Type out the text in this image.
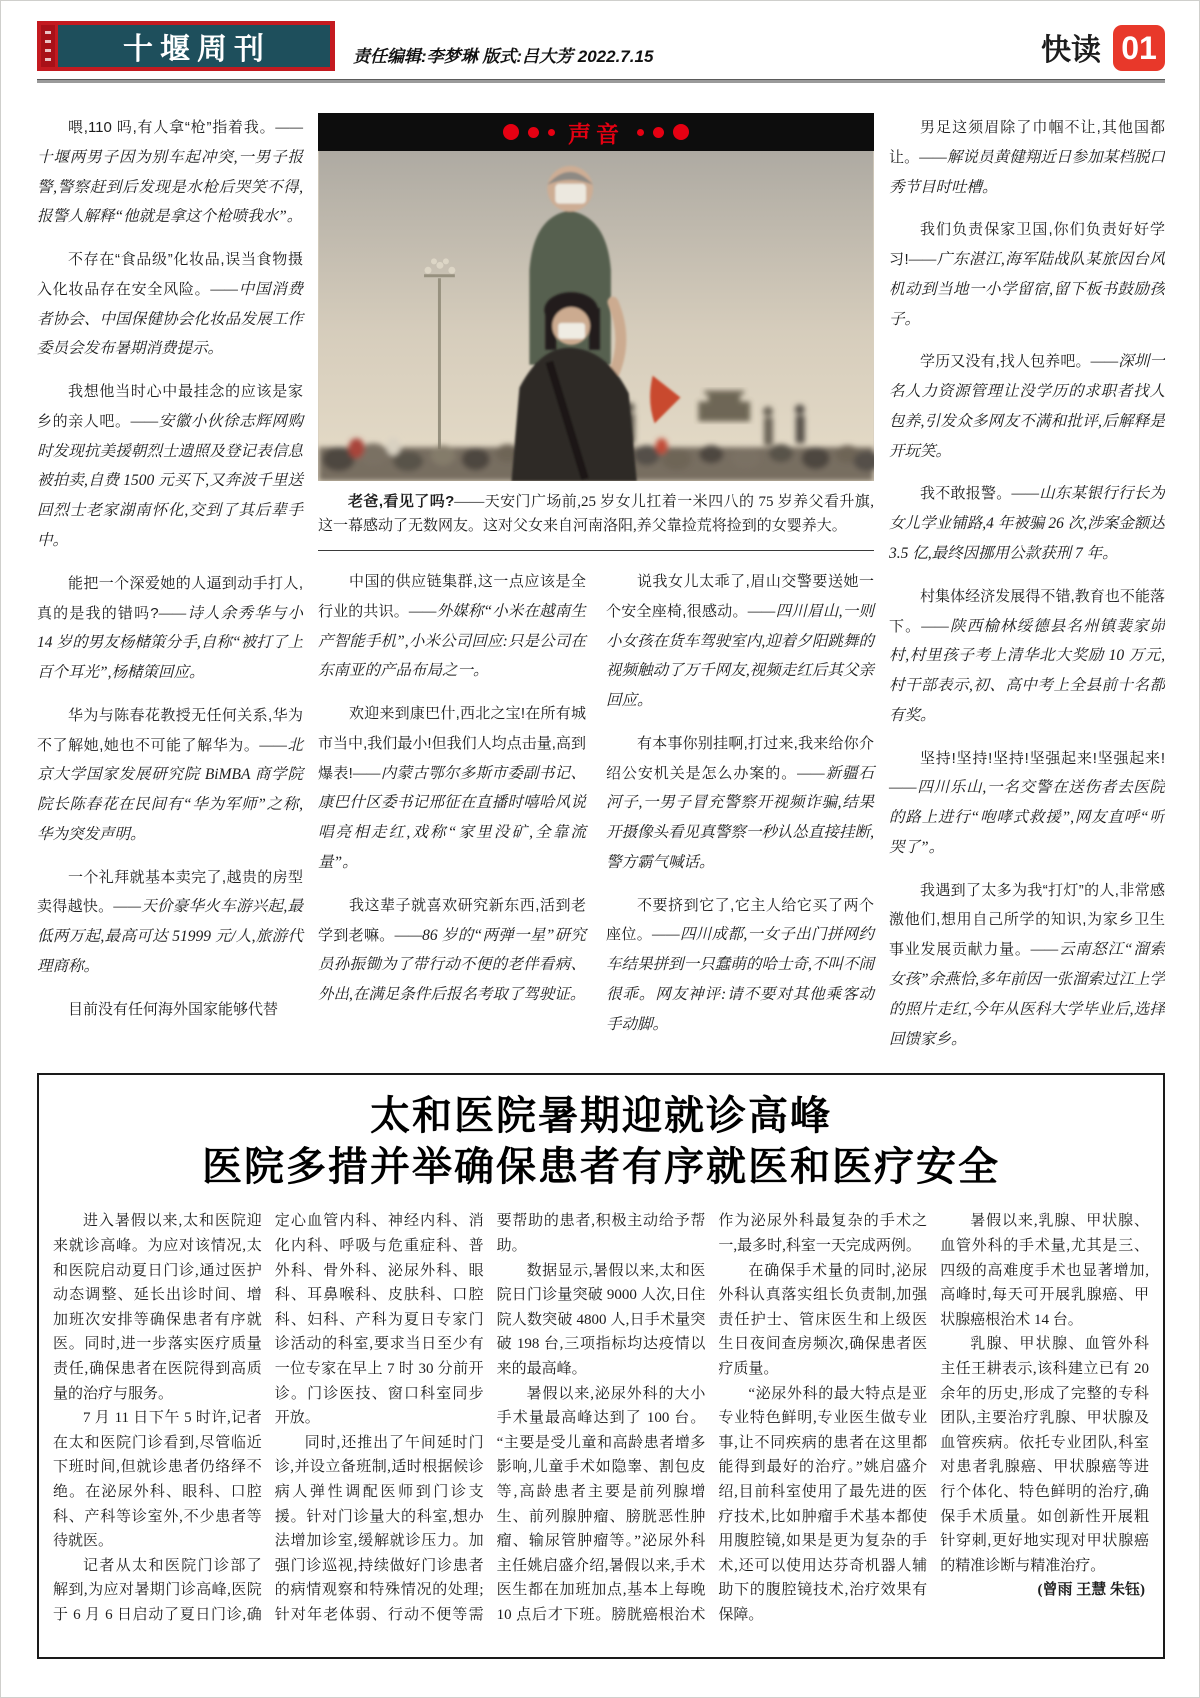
十堰周刊	责任编辑:李梦琳 版式:吕大芳 2022.7.15	快读 01

喂,110 吗,有人拿“枪”指着我。——十堰两男子因为别车起冲突,一男子报警,警察赶到后发现是水枪后哭笑不得,报警人解释“他就是拿这个枪喷我水”。

不存在“食品级”化妆品,误当食物摄入化妆品存在安全风险。——中国消费者协会、中国保健协会化妆品发展工作委员会发布暑期消费提示。

我想他当时心中最挂念的应该是家乡的亲人吧。——安徽小伙徐志辉网购时发现抗美援朝烈士遗照及登记表信息被拍卖,自费 1500 元买下,又奔波千里送回烈士老家湖南怀化,交到了其后辈手中。

能把一个深爱她的人逼到动手打人,真的是我的错吗?——诗人余秀华与小 14 岁的男友杨槠策分手,自称“被打了上百个耳光”,杨槠策回应。

华为与陈春花教授无任何关系,华为不了解她,她也不可能了解华为。——北京大学国家发展研究院 BiMBA 商学院院长陈春花在民间有“华为军师”之称,华为突发声明。

一个礼拜就基本卖完了,越贵的房型卖得越快。——天价豪华火车游兴起,最低两万起,最高可达 51999 元/人,旅游代理商称。

目前没有任何海外国家能够代替

声音

老爸,看见了吗?——天安门广场前,25 岁女儿扛着一米四八的 75 岁养父看升旗,这一幕感动了无数网友。这对父女来自河南洛阳,养父靠捡荒将捡到的女婴养大。

中国的供应链集群,这一点应该是全行业的共识。——外媒称“小米在越南生产智能手机”,小米公司回应:只是公司在东南亚的产品布局之一。

欢迎来到康巴什,西北之宝!在所有城市当中,我们最小!但我们人均点击量,高到爆表!——内蒙古鄂尔多斯市委副书记、康巴什区委书记邢征在直播时嘻哈风说唱亮相走红,戏称“家里没矿,全靠流量”。

我这辈子就喜欢研究新东西,活到老学到老嘛。——86 岁的“两弹一星”研究员孙振锄为了带行动不便的老伴看病、外出,在满足条件后报名考取了驾驶证。

说我女儿太乖了,眉山交警要送她一个安全座椅,很感动。——四川眉山,一则小女孩在货车驾驶室内,迎着夕阳跳舞的视频触动了万千网友,视频走红后其父亲回应。

有本事你别挂啊,打过来,我来给你介绍公安机关是怎么办案的。——新疆石河子,一男子冒充警察开视频诈骗,结果开摄像头看见真警察一秒认怂直接挂断,警方霸气喊话。

不要挤到它了,它主人给它买了两个座位。——四川成都,一女子出门拼网约车结果拼到一只蠢萌的哈士奇,不叫不闹很乖。网友神评:请不要对其他乘客动手动脚。

男足这须眉除了巾帼不让,其他国都让。——解说员黄健翔近日参加某档脱口秀节目时吐槽。

我们负责保家卫国,你们负责好好学习!——广东湛江,海军陆战队某旅因台风机动到当地一小学留宿,留下板书鼓励孩子。

学历又没有,找人包养吧。——深圳一名人力资源管理让没学历的求职者找人包养,引发众多网友不满和批评,后解释是开玩笑。

我不敢报警。——山东某银行行长为女儿学业铺路,4 年被骗 26 次,涉案金额达 3.5 亿,最终因挪用公款获刑 7 年。

村集体经济发展得不错,教育也不能落下。——陕西榆林绥德县名州镇裴家峁村,村里孩子考上清华北大奖励 10 万元,村干部表示,初、高中考上全县前十名都有奖。

坚持!坚持!坚持!坚强起来!坚强起来!——四川乐山,一名交警在送伤者去医院的路上进行“咆哮式救援”,网友直呼“听哭了”。

我遇到了太多为我“打灯”的人,非常感激他们,想用自己所学的知识,为家乡卫生事业发展贡献力量。——云南怒江“溜索女孩”余燕恰,多年前因一张溜索过江上学的照片走红,今年从医科大学毕业后,选择回馈家乡。

太和医院暑期迎就诊高峰
医院多措并举确保患者有序就医和医疗安全

进入暑假以来,太和医院迎来就诊高峰。为应对该情况,太和医院启动夏日门诊,通过医护动态调整、延长出诊时间、增加班次安排等确保患者有序就医。同时,进一步落实医疗质量责任,确保患者在医院得到高质量的治疗与服务。

7 月 11 日下午 5 时许,记者在太和医院门诊看到,尽管临近下班时间,但就诊患者仍络绎不绝。在泌尿外科、眼科、口腔科、产科等诊室外,不少患者等待就医。

记者从太和医院门诊部了解到,为应对暑期门诊高峰,医院于 6 月 6 日启动了夏日门诊,确定心血管内科、神经内科、消化内科、呼吸与危重症科、普外科、骨外科、泌尿外科、眼科、耳鼻喉科、皮肤科、口腔科、妇科、产科为夏日专家门诊活动的科室,要求当日至少有一位专家在早上 7 时 30 分前开诊。门诊医技、窗口科室同步开放。

同时,还推出了午间延时门诊,并设立备班制,适时根据候诊病人弹性调配医师到门诊支援。针对门诊量大的科室,想办法增加诊室,缓解就诊压力。加强门诊巡视,持续做好门诊患者的病情观察和特殊情况的处理;针对年老体弱、行动不便等需要帮助的患者,积极主动给予帮助。

数据显示,暑假以来,太和医院日门诊量突破 9000 人次,日住院人数突破 4800 人,日手术量突破 198 台,三项指标均达疫情以来的最高峰。

暑假以来,泌尿外科的大小手术量最高峰达到了 100 台。“主要是受儿童和高龄患者增多影响,儿童手术如隐睾、割包皮等,高龄患者主要是前列腺增生、前列腺肿瘤、膀胱恶性肿瘤、输尿管肿瘤等。”泌尿外科主任姚启盛介绍,暑假以来,手术医生都在加班加点,基本上每晚 10 点后才下班。膀胱癌根治术作为泌尿外科最复杂的手术之一,最多时,科室一天完成两例。

在确保手术量的同时,泌尿外科认真落实组长负责制,加强责任护士、管床医生和上级医生日夜间查房频次,确保患者医疗质量。

“泌尿外科的最大特点是亚专业特色鲜明,专业医生做专业事,让不同疾病的患者在这里都能得到最好的治疗。”姚启盛介绍,目前科室使用了最先进的医疗技术,比如肿瘤手术基本都使用腹腔镜,如果是更为复杂的手术,还可以使用达芬奇机器人辅助下的腹腔镜技术,治疗效果有保障。

暑假以来,乳腺、甲状腺、血管外科的手术量,尤其是三、四级的高难度手术也显著增加,高峰时,每天可开展乳腺癌、甲状腺癌根治术 14 台。

乳腺、甲状腺、血管外科主任王耕表示,该科建立已有 20 余年的历史,形成了完整的专科团队,主要治疗乳腺、甲状腺及血管疾病。依托专业团队,科室对患者乳腺癌、甲状腺癌等进行个体化、特色鲜明的治疗,确保手术质量。如创新性开展粗针穿刺,更好地实现对甲状腺癌的精准诊断与精准治疗。

(曾雨 王慧 朱钰)
